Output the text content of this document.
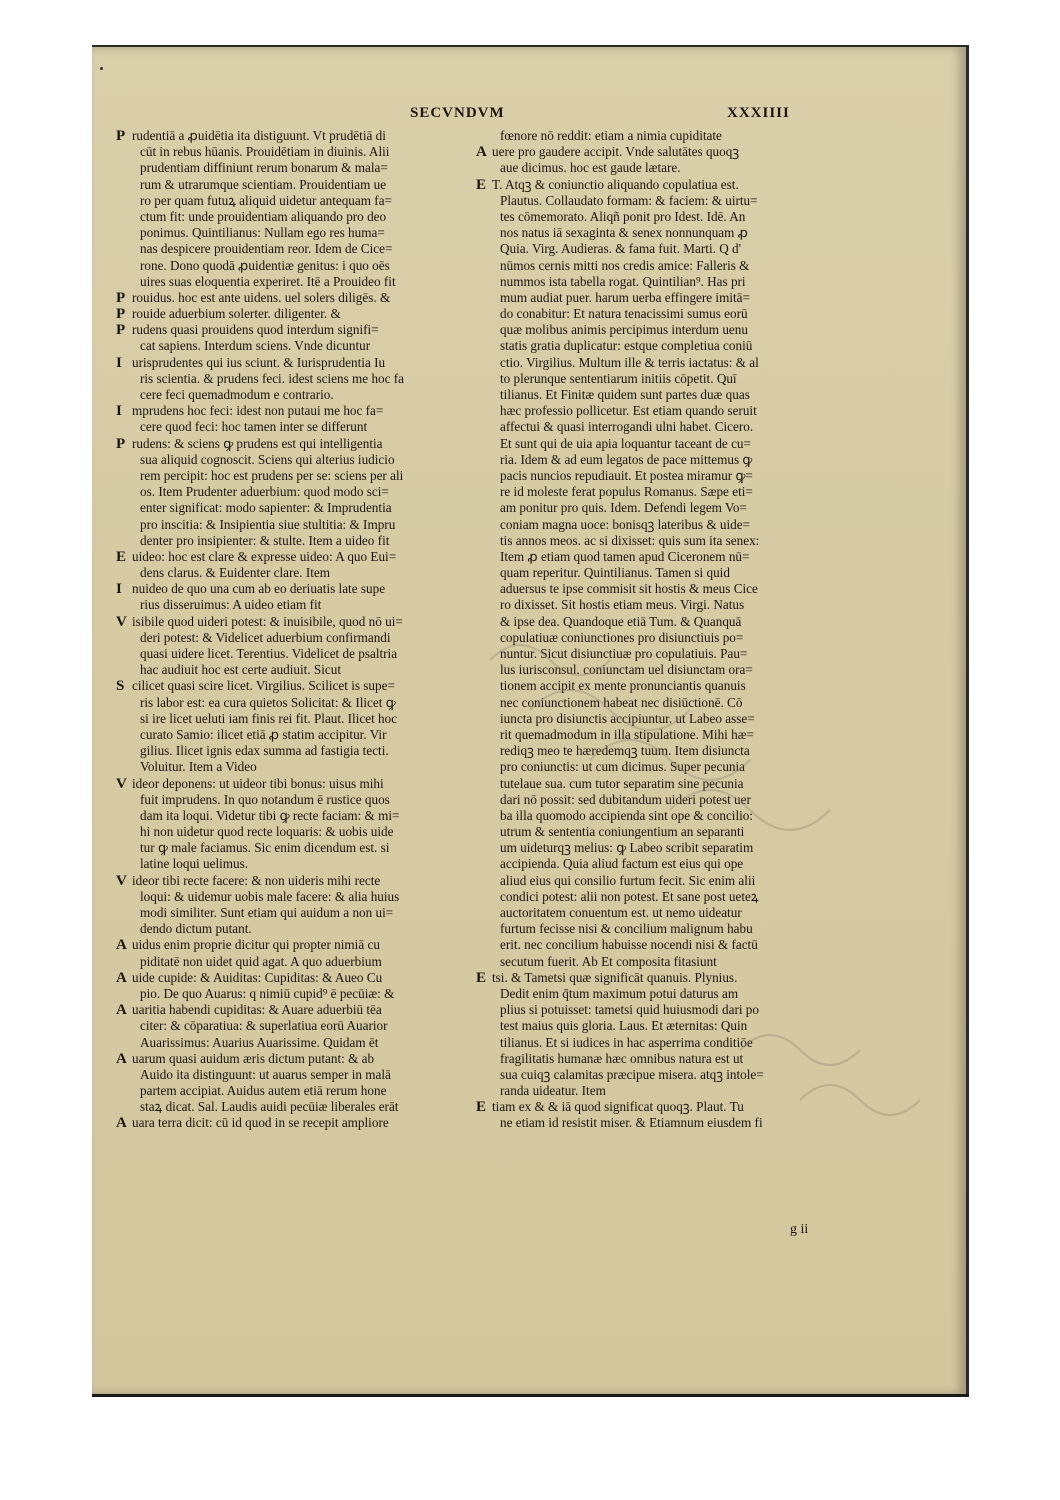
SECVNDVM	XXXIIII
P rudentiā a ꝓuidētia ita distiguunt. Vt prudētiā di
cūt in rebus hūanis. Prouidētiam in diuinis. Alii
prudentiam diffiniunt rerum bonarum & mala=
rum & utrarumque scientiam. Prouidentiam ue
ro per quam futuꝝ aliquid uidetur antequam fa=
ctum fit: unde prouidentiam aliquando pro deo
ponimus. Quintilianus: Nullam ego res huma=
nas despicere prouidentiam reor. Idem de Cice=
rone. Dono quodā ꝓuidentiæ genitus: i quo oēs
uires suas eloquentia experiret. Itē a Prouideo fit
P rouidus. hoc est ante uidens. uel solers diligēs. &
P rouide aduerbium solerter. diligenter. &
P rudens quasi prouidens quod interdum signifi=
cat sapiens. Interdum sciens. Vnde dicuntur
I urisprudentes qui ius sciunt. & Iurisprudentia Iu
ris scientia. & prudens feci. idest sciens me hoc fa
cere feci quemadmodum e contrario.
I mprudens hoc feci: idest non putaui me hoc fa=
cere quod feci: hoc tamen inter se differunt
P rudens: & sciens ꝙ prudens est qui intelligentia
sua aliquid cognoscit. Sciens qui alterius iudicio
rem percipit: hoc est prudens per se: sciens per ali
os. Item Prudenter aduerbium: quod modo sci=
enter significat: modo sapienter: & Imprudentia
pro inscitia: & Insipientia siue stultitia: & Impru
denter pro insipienter: & stulte. Item a uideo fit
E uideo: hoc est clare & expresse uideo: A quo Eui=
dens clarus. & Euidenter clare. Item
I nuideo de quo una cum ab eo deriuatis late supe
rius disseruimus: A uideo etiam fit
V isibile quod uideri potest: & inuisibile, quod nō ui=
deri potest: & Videlicet aduerbium confirmandi
quasi uidere licet. Terentius. Videlicet de psaltria
hac audiuit hoc est certe audiuit. Sicut
S cilicet quasi scire licet. Virgilius. Scilicet is supe=
ris labor est: ea cura quietos Solicitat: & Ilicet ꝙ
si ire licet ueluti iam finis rei fit. Plaut. Ilicet hoc
curato Samio: ilicet etiā ꝓ statim accipitur. Vir
gilius. Ilicet ignis edax summa ad fastigia tecti.
Voluitur. Item a Video
V ideor deponens: ut uideor tibi bonus: uisus mihi
fuit imprudens. In quo notandum ē rustice quos
dam ita loqui. Videtur tibi ꝙ recte faciam: & mi=
hi non uidetur quod recte loquaris: & uobis uide
tur ꝙ male faciamus. Sic enim dicendum est. si
latine loqui uelimus.
V ideor tibi recte facere: & non uideris mihi recte
loqui: & uidemur uobis male facere: & alia huius
modi similiter. Sunt etiam qui auidum a non ui=
dendo dictum putant.
A uidus enim proprie dicitur qui propter nimiā cu
piditatē non uidet quid agat. A quo aduerbium
A uide cupide: & Auiditas: Cupiditas: & Aueo Cu
pio. De quo Auarus: q nimiū cupid⁹ ē pecūiæ: &
A uaritia habendi cupiditas: & Auare aduerbiū tēa
citer: & cōparatiua: & superlatiua eorū Auarior
Auarissimus: Auarius Auarissime. Quidam ēt
A uarum quasi auidum æris dictum putant: & ab
Auido ita distinguunt: ut auarus semper in malā
partem accipiat. Auidus autem etiā rerum hone
staꝝ dicat. Sal. Laudis auidi pecūiæ liberales erāt
A uara terra dicit: cū id quod in se recepit ampliore
fœnore nō reddit: etiam a nimia cupiditate
A uere pro gaudere accipit. Vnde salutātes quoqꝫ
aue dicimus. hoc est gaude lætare.
E T. Atqꝫ & coniunctio aliquando copulatiua est.
Plautus. Collaudato formam: & faciem: & uirtu=
tes cōmemorato. Aliqñ ponit pro Idest. Idē. An
nos natus iā sexaginta & senex nonnunquam ꝓ
Quia. Virg. Audieras. & fama fuit. Marti. Q d'
nūmos cernis mitti nos credis amice: Falleris &
nummos ista tabella rogat. Quintilian⁹. Has pri
mum audiat puer. harum uerba effingere imitā=
do conabitur: Et natura tenacissimi sumus eorū
quæ molibus animis percipimus interdum uenu
statis gratia duplicatur: estque completiua coniū
ctio. Virgilius. Multum ille & terris iactatus: & al
to plerunque sententiarum initiis cōpetit. Quī
tilianus. Et Finitæ quidem sunt partes duæ quas
hæc professio pollicetur. Est etiam quando seruit
affectui & quasi interrogandi ulni habet. Cicero.
Et sunt qui de uia apia loquantur taceant de cu=
ria. Idem & ad eum legatos de pace mittemus ꝙ
pacis nuncios repudiauit. Et postea miramur ꝙ=
re id moleste ferat populus Romanus. Sæpe eti=
am ponitur pro quis. Idem. Defendi legem Vo=
coniam magna uoce: bonisqꝫ lateribus & uide=
tis annos meos. ac si dixisset: quis sum ita senex:
Item ꝓ etiam quod tamen apud Ciceronem nū=
quam reperitur. Quintilianus. Tamen si quid
aduersus te ipse commisit sit hostis & meus Cice
ro dixisset. Sit hostis etiam meus. Virgi. Natus
& ipse dea. Quandoque etiā Tum. & Quanquā
copulatiuæ coniunctiones pro disiunctiuis po=
nuntur. Sicut disiunctiuæ pro copulatiuis. Pau=
lus iurisconsul. coniunctam uel disiunctam ora=
tionem accipit ex mente pronunciantis quanuis
nec coniunctionem habeat nec disiūctionē. Cō
iuncta pro disiunctis accipiuntur. ut Labeo asse=
rit quemadmodum in illa stipulatione. Mihi hæ=
rediqꝫ meo te hæredemqꝫ tuum. Item disiuncta
pro coniunctis: ut cum dicimus. Super pecunia
tutelaue sua. cum tutor separatim sine pecunia
dari nō possit: sed dubitandum uideri potest uer
ba illa quomodo accipienda sint ope & concilio:
utrum & sententia coniungentium an separanti
um uideturqꝫ melius: ꝙ Labeo scribit separatim
accipienda. Quia aliud factum est eius qui ope
aliud eius qui consilio furtum fecit. Sic enim alii
condici potest: alii non potest. Et sane post ueteꝝ
auctoritatem conuentum est. ut nemo uideatur
furtum fecisse nisi & concilium malignum habu
erit. nec concilium habuisse nocendi nisi & factū
secutum fuerit. Ab Et composita fitasiunt
E tsi. & Tametsi quæ significāt quanuis. Plynius.
Dedit enim q̄tum maximum potui daturus am
plius si potuisset: tametsi quid huiusmodi dari po
test maius quis gloria. Laus. Et æternitas: Quin
tilianus. Et si iudices in hac asperrima conditiōe
fragilitatis humanæ hæc omnibus natura est ut
sua cuiqꝫ calamitas præcipue misera. atqꝫ intole=
randa uideatur. Item
E tiam ex & & iā quod significat quoqꝫ. Plaut. Tu
ne etiam id resistit miser. & Etiamnum eiusdem fi
g ii
